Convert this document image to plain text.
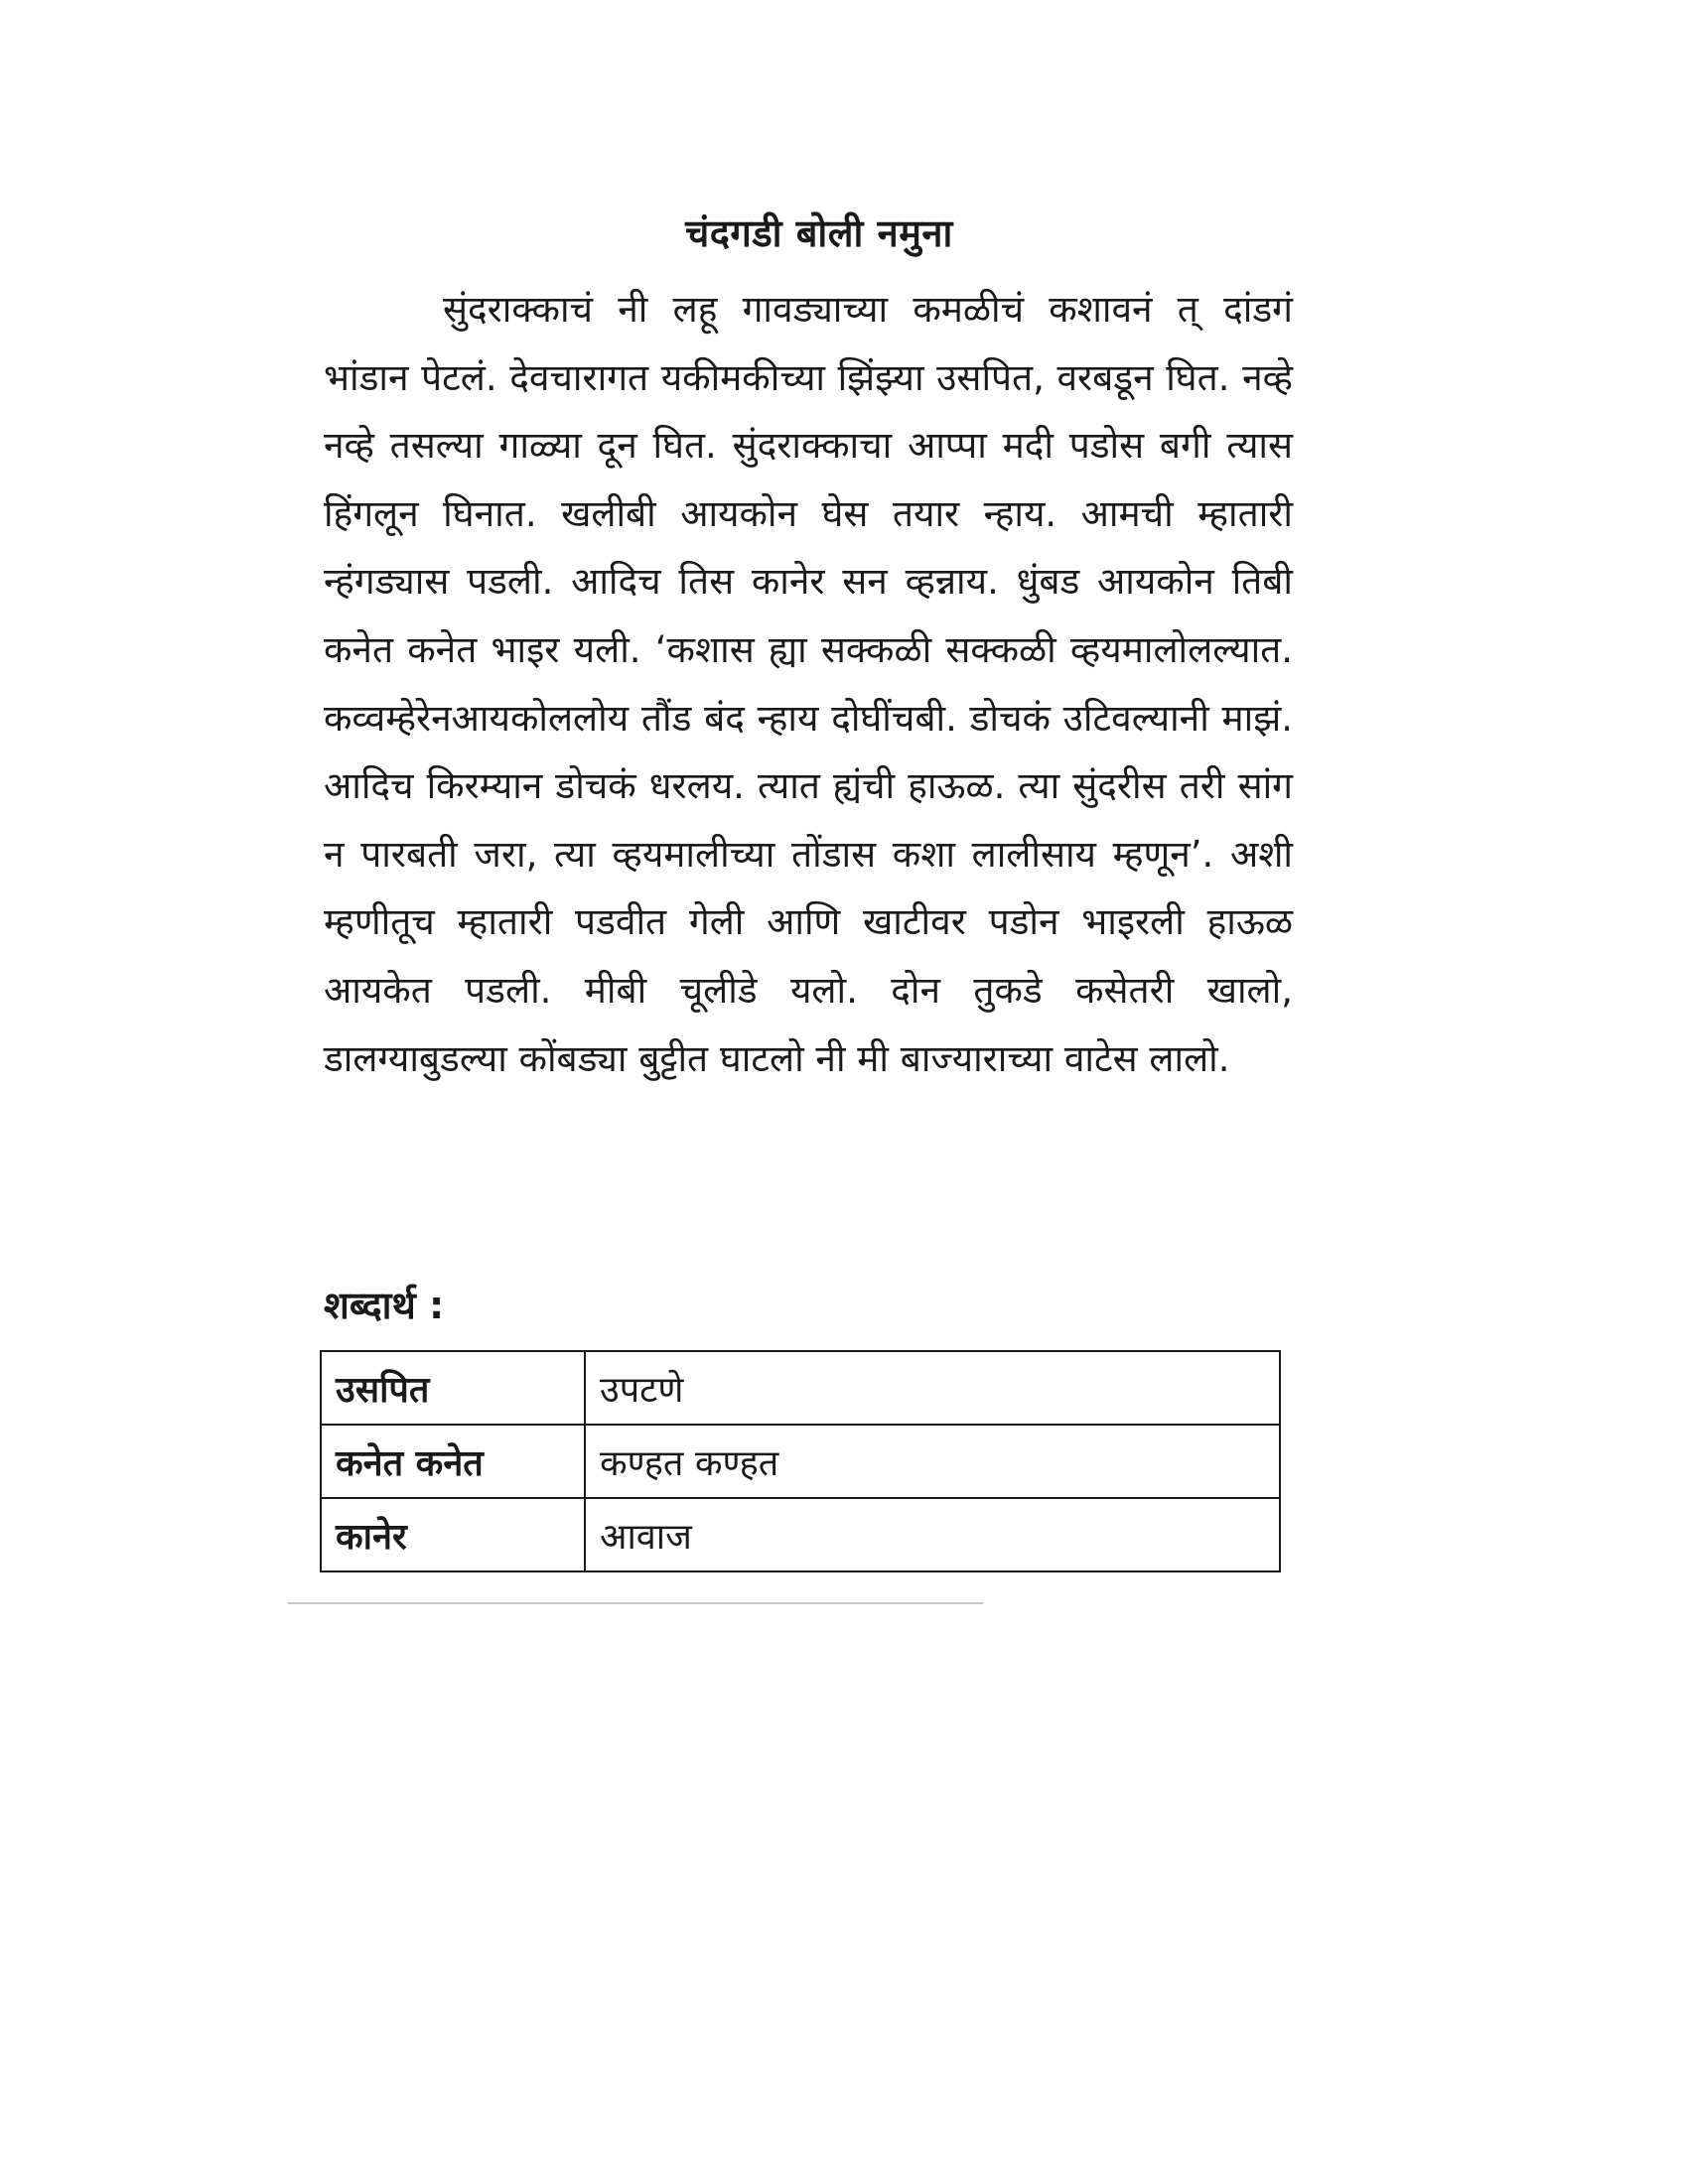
चंदगडी बोली नमुना

सुंदराक्काचं नी लहू गावड्याच्या कमळीचं कशावनं त् दांडगं भांडान पेटलं. देवचारागत यकीमकीच्या झिंझ्या उसपित, वरबडून घित. नव्हे नव्हे तसल्या गाळ्या दून घित. सुंदराक्काचा आप्पा मदी पडोस बगी त्यास हिंगलून घिनात. खलीबी आयकोन घेस तयार न्हाय. आमची म्हातारी न्हंगड्यास पडली. आदिच तिस कानेर सन व्हन्नाय. धुंबड आयकोन तिबी कनेत कनेत भाइर यली. ‘कशास ह्या सक्कळी सक्कळी व्हयमालोलल्यात. कव्वम्हेरेनआयकोललोय तौंड बंद न्हाय दोघींचबी. डोचकं उटिवल्यानी माझं. आदिच किरम्यान डोचकं धरलय. त्यात ह्यंची हाऊळ. त्या सुंदरीस तरी सांग न पारबती जरा, त्या व्हयमालीच्या तोंडास कशा लालीसाय म्हणून’. अशी म्हणीतूच म्हातारी पडवीत गेली आणि खाटीवर पडोन भाइरली हाऊळ आयकेत पडली. मीबी चूलीडे यलो. दोन तुकडे कसेतरी खालो, डालग्याबुडल्या कोंबड्या बुट्टीत घाटलो नी मी बाज्याराच्या वाटेस लालो.

शब्दार्थ :

उसपित	उपटणे
कनेत कनेत	कण्हत कण्हत
कानेर	आवाज
